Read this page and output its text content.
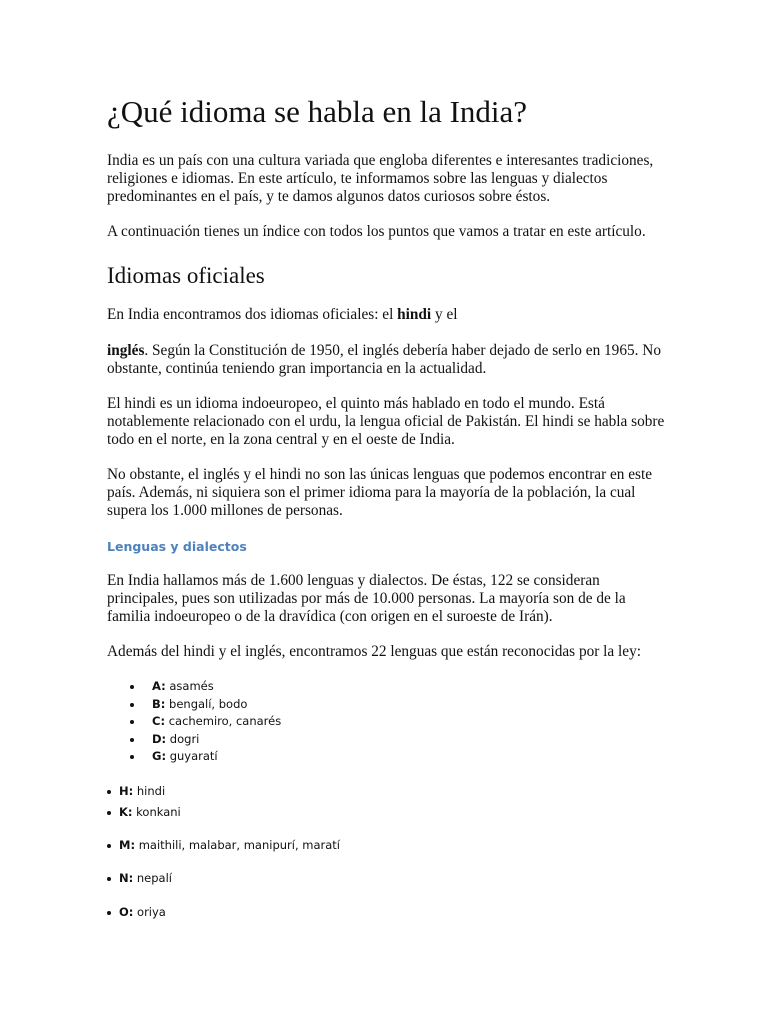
¿Qué idioma se habla en la India?

India es un país con una cultura variada que engloba diferentes e interesantes tradiciones,
religiones e idiomas. En este artículo, te informamos sobre las lenguas y dialectos
predominantes en el país, y te damos algunos datos curiosos sobre éstos.

A continuación tienes un índice con todos los puntos que vamos a tratar en este artículo.

Idiomas oficiales

En India encontramos dos idiomas oficiales: el hindi y el

inglés. Según la Constitución de 1950, el inglés debería haber dejado de serlo en 1965. No
obstante, continúa teniendo gran importancia en la actualidad.

El hindi es un idioma indoeuropeo, el quinto más hablado en todo el mundo. Está
notablemente relacionado con el urdu, la lengua oficial de Pakistán. El hindi se habla sobre
todo en el norte, en la zona central y en el oeste de India.

No obstante, el inglés y el hindi no son las únicas lenguas que podemos encontrar en este
país. Además, ni siquiera son el primer idioma para la mayoría de la población, la cual
supera los 1.000 millones de personas.

Lenguas y dialectos

En India hallamos más de 1.600 lenguas y dialectos. De éstas, 122 se consideran
principales, pues son utilizadas por más de 10.000 personas. La mayoría son de de la
familia indoeuropeo o de la dravídica (con origen en el suroeste de Irán).

Además del hindi y el inglés, encontramos 22 lenguas que están reconocidas por la ley:

A: asamés
B: bengalí, bodo
C: cachemiro, canarés
D: dogri
G: guyaratí
H: hindi
K: konkani
M: maithili, malabar, manipurí, maratí
N: nepalí
O: oriya
